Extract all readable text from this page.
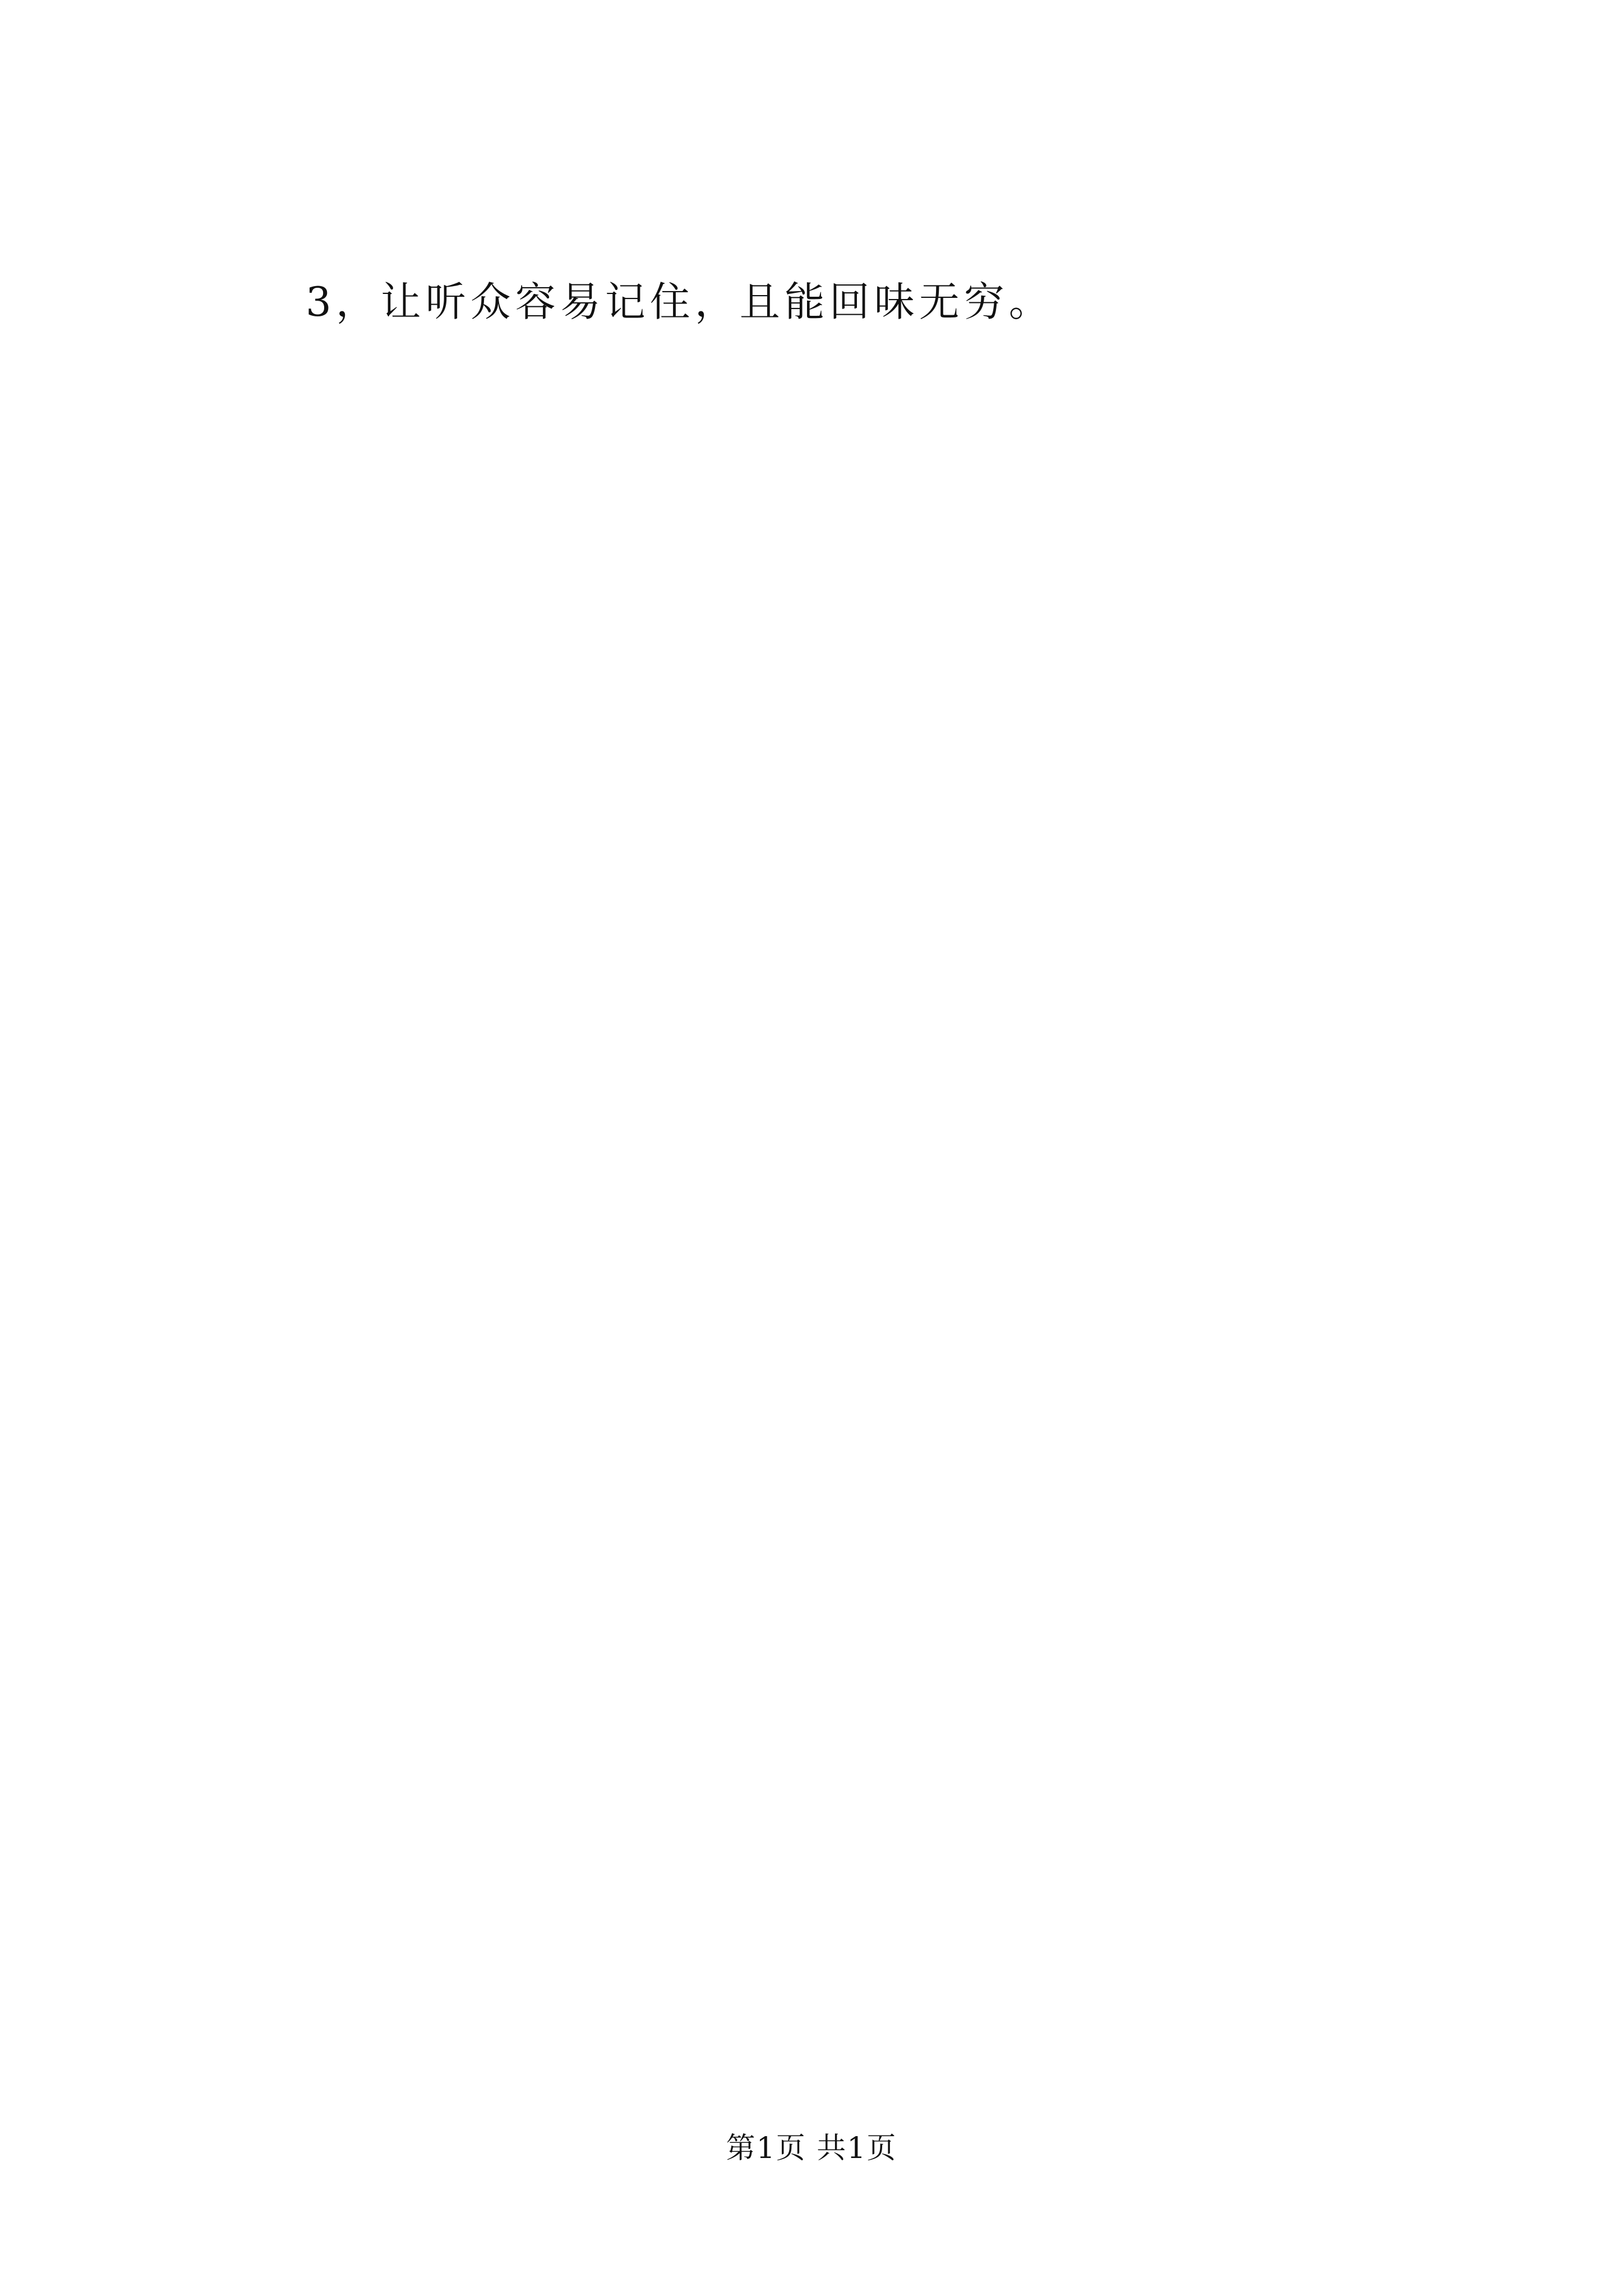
3，让听众容易记住，且能回味无穷。

第1页 共1页
